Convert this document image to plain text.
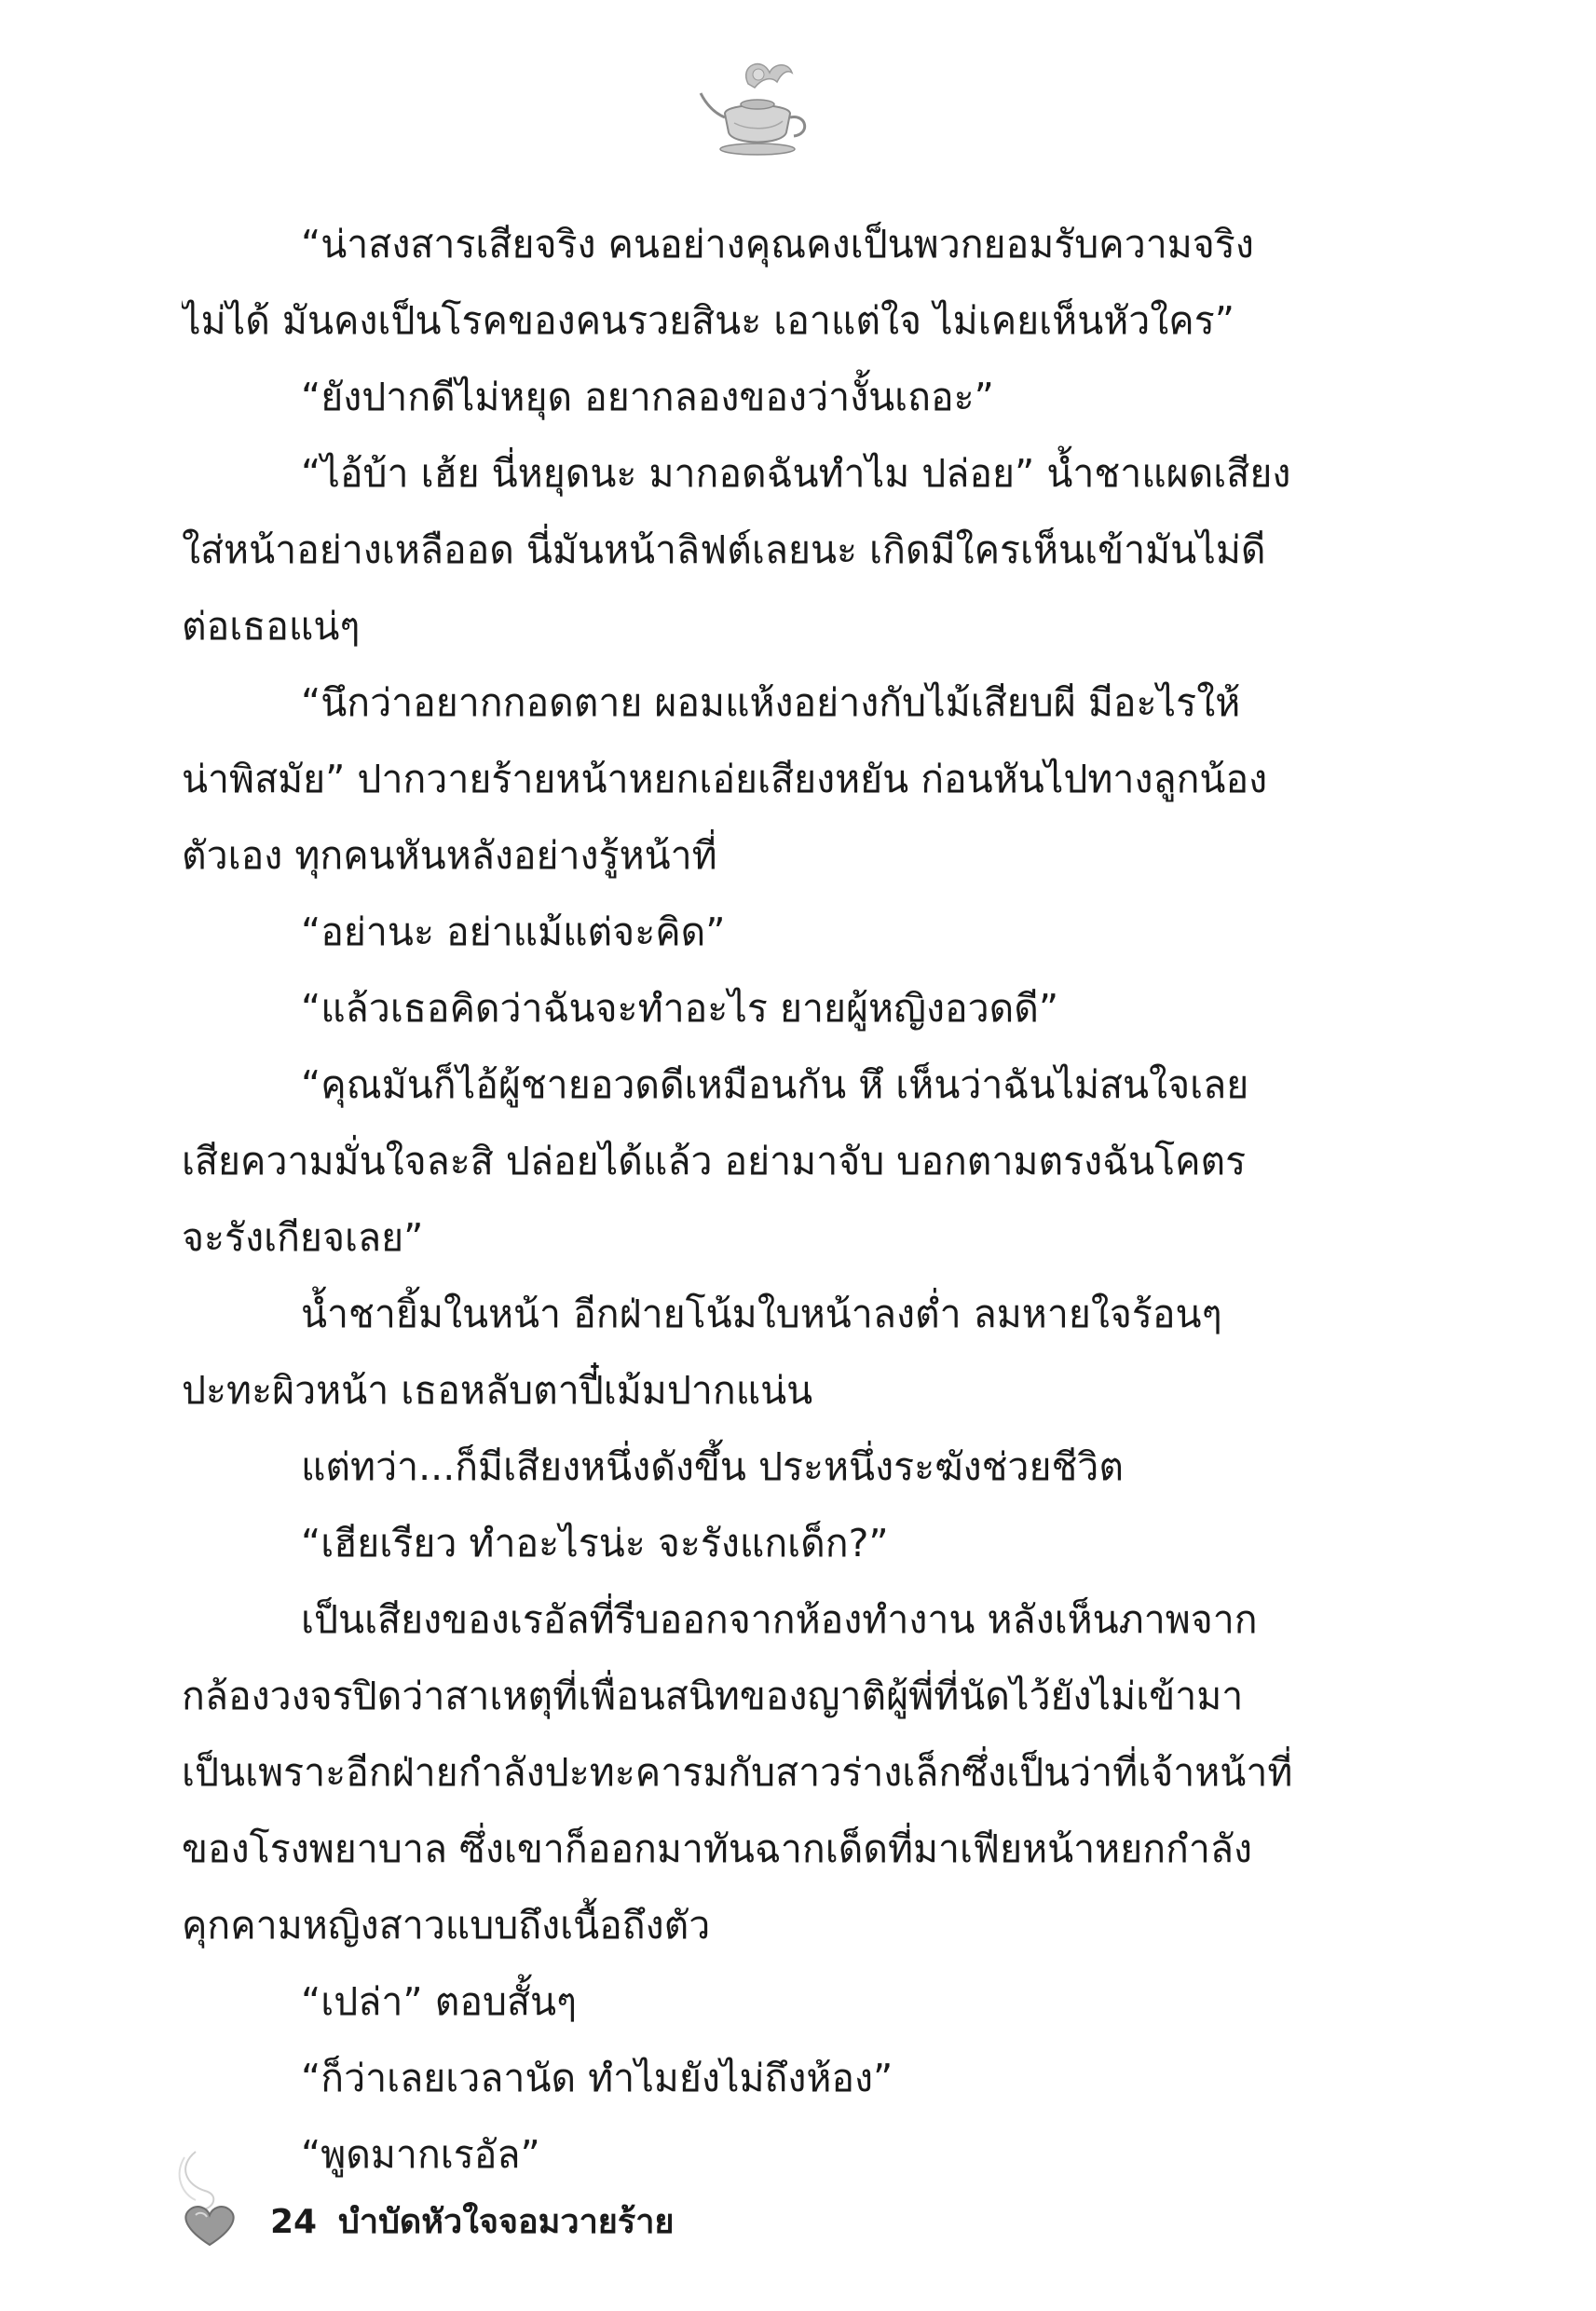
“น่าสงสารเสียจริง คนอย่างคุณคงเป็นพวกยอมรับความจริง
ไม่ได้ มันคงเป็นโรคของคนรวยสินะ เอาแต่ใจ ไม่เคยเห็นหัวใคร”
“ยังปากดีไม่หยุด อยากลองของว่างั้นเถอะ”
“ไอ้บ้า เฮ้ย นี่หยุดนะ มากอดฉันทำไม ปล่อย” น้ำชาแผดเสียง
ใส่หน้าอย่างเหลืออด นี่มันหน้าลิฟต์เลยนะ เกิดมีใครเห็นเข้ามันไม่ดี
ต่อเธอแน่ๆ
“นึกว่าอยากกอดตาย ผอมแห้งอย่างกับไม้เสียบผี มีอะไรให้
น่าพิสมัย” ปากวายร้ายหน้าหยกเอ่ยเสียงหยัน ก่อนหันไปทางลูกน้อง
ตัวเอง ทุกคนหันหลังอย่างรู้หน้าที่
“อย่านะ อย่าแม้แต่จะคิด”
“แล้วเธอคิดว่าฉันจะทำอะไร ยายผู้หญิงอวดดี”
“คุณมันก็ไอ้ผู้ชายอวดดีเหมือนกัน หึ เห็นว่าฉันไม่สนใจเลย
เสียความมั่นใจละสิ ปล่อยได้แล้ว อย่ามาจับ บอกตามตรงฉันโคตร
จะรังเกียจเลย”
น้ำชายิ้มในหน้า อีกฝ่ายโน้มใบหน้าลงต่ำ ลมหายใจร้อนๆ
ปะทะผิวหน้า เธอหลับตาปี๋เม้มปากแน่น
แต่ทว่า...ก็มีเสียงหนึ่งดังขึ้น ประหนึ่งระฆังช่วยชีวิต
“เฮียเรียว ทำอะไรน่ะ จะรังแกเด็ก?”
เป็นเสียงของเรอัลที่รีบออกจากห้องทำงาน หลังเห็นภาพจาก
กล้องวงจรปิดว่าสาเหตุที่เพื่อนสนิทของญาติผู้พี่ที่นัดไว้ยังไม่เข้ามา
เป็นเพราะอีกฝ่ายกำลังปะทะคารมกับสาวร่างเล็กซึ่งเป็นว่าที่เจ้าหน้าที่
ของโรงพยาบาล ซึ่งเขาก็ออกมาทันฉากเด็ดที่มาเฟียหน้าหยกกำลัง
คุกคามหญิงสาวแบบถึงเนื้อถึงตัว
“เปล่า” ตอบสั้นๆ
“ก็ว่าเลยเวลานัด ทำไมยังไม่ถึงห้อง”
“พูดมากเรอัล”
24 บำบัดหัวใจจอมวายร้าย
